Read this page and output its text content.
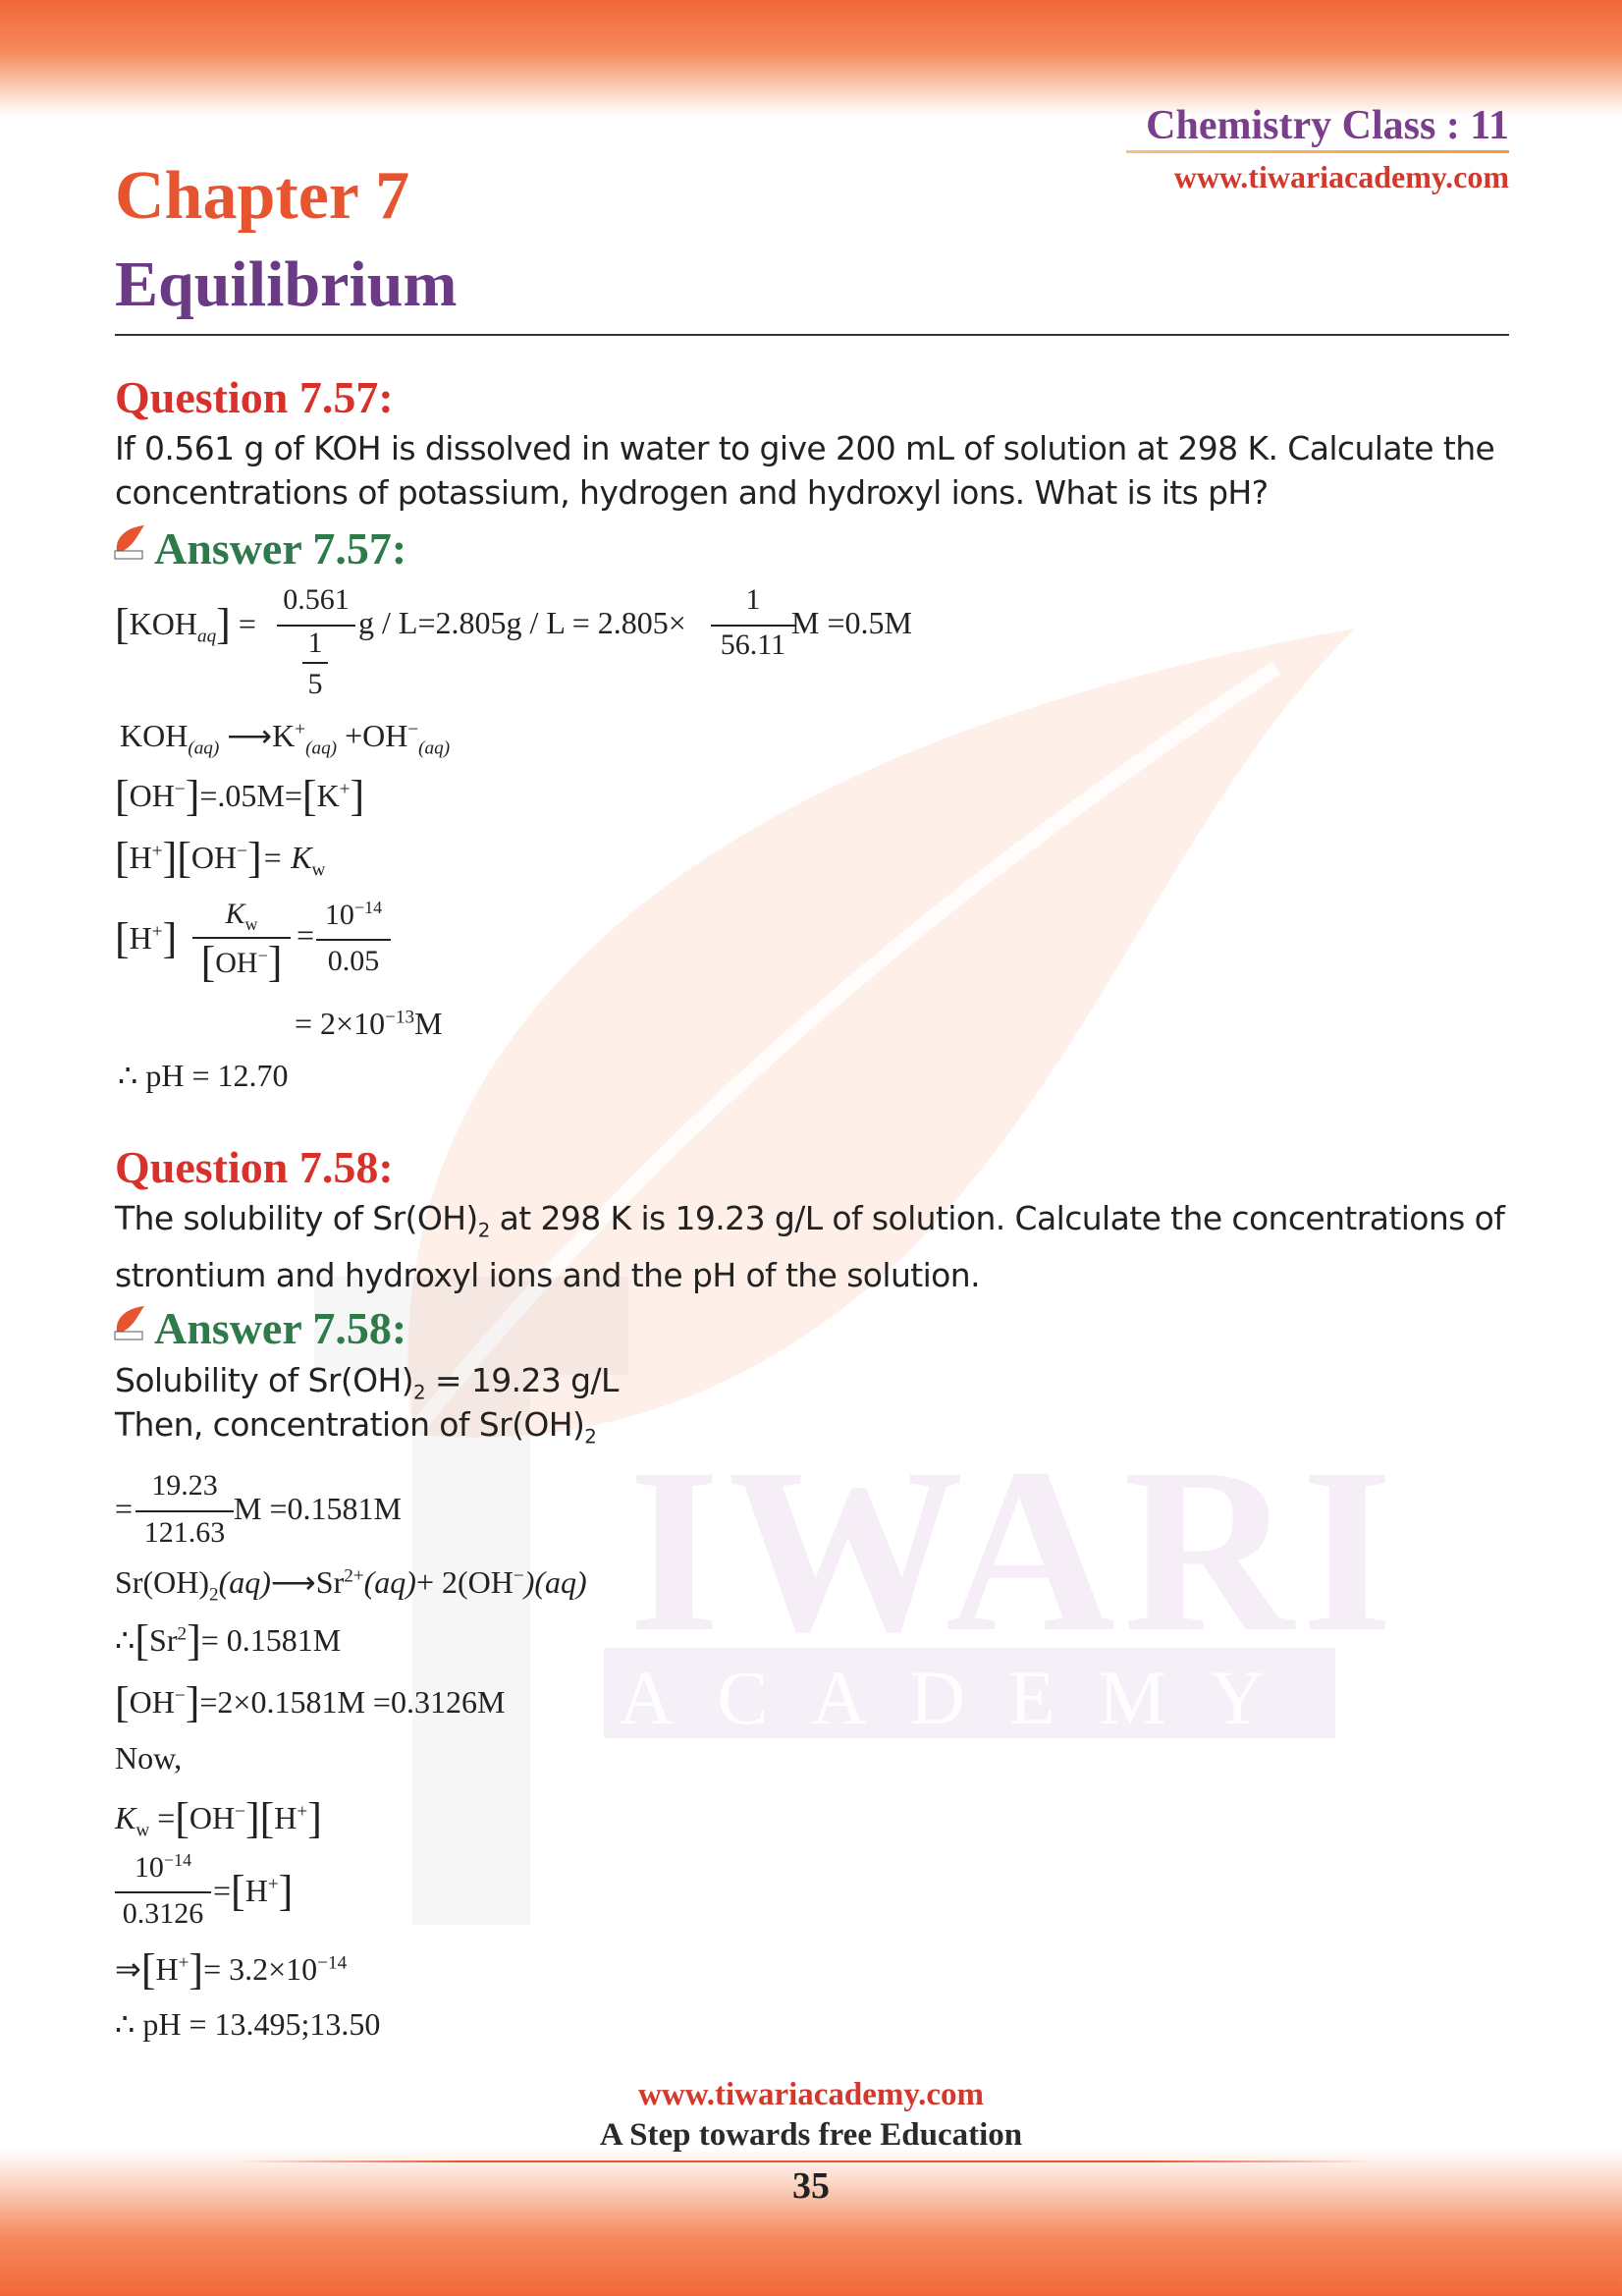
IWARI
ACADEMY
Chemistry Class : 11
www.tiwariacademy.com
Chapter 7
Equilibrium
Question 7.57:
If 0.561 g of KOH is dissolved in water to give 200 mL of solution at 298 K. Calculate the concentrations of potassium, hydrogen and hydroxyl ions. What is its pH?
Answer 7.57:
$[KOH_{aq}]$ =
0.561
1
5
g / L=2.805g / L = 2.805×
1
56.11
M =0.5M
$KOH_{(aq)}$ $⟶K^+_{(aq)} +OH^-_{(aq)}$
[OH−]=.05M=[K+]
$[H^+][OH^-]= K_w$
[H+]
$K_w$
[OH−]
=
$10^{-14}$
0.05
= $2\times 10^{-13}M$
∴ pH = 12.70
Question 7.58:
The solubility of $Sr(OH)_2$ at 298 K is 19.23 g/L of solution. Calculate the concentrations of strontium and hydroxyl ions and the pH of the solution.
Answer 7.58:
Solubility of $Sr(OH)_2 = 19.23$ g/L
Then, concentration of $Sr(OH)_2$
=
19.23
121.63
M =0.1581M
$Sr(OH)_2(aq)⟶Sr^{2+}(aq)+ 2(OH^-)(aq)$
$\therefore[Sr^2]= 0.1581M$
[OH−]=2×0.1581M =0.3126M
Now,
$K_w =[OH^-][H^+]$
$10^{-14}$
0.3126
=[H+]
⇒[H+]= $3.2\times 10^{-14}$
∴ pH = 13.495;13.50
www.tiwariacademy.com
A Step towards free Education
35
